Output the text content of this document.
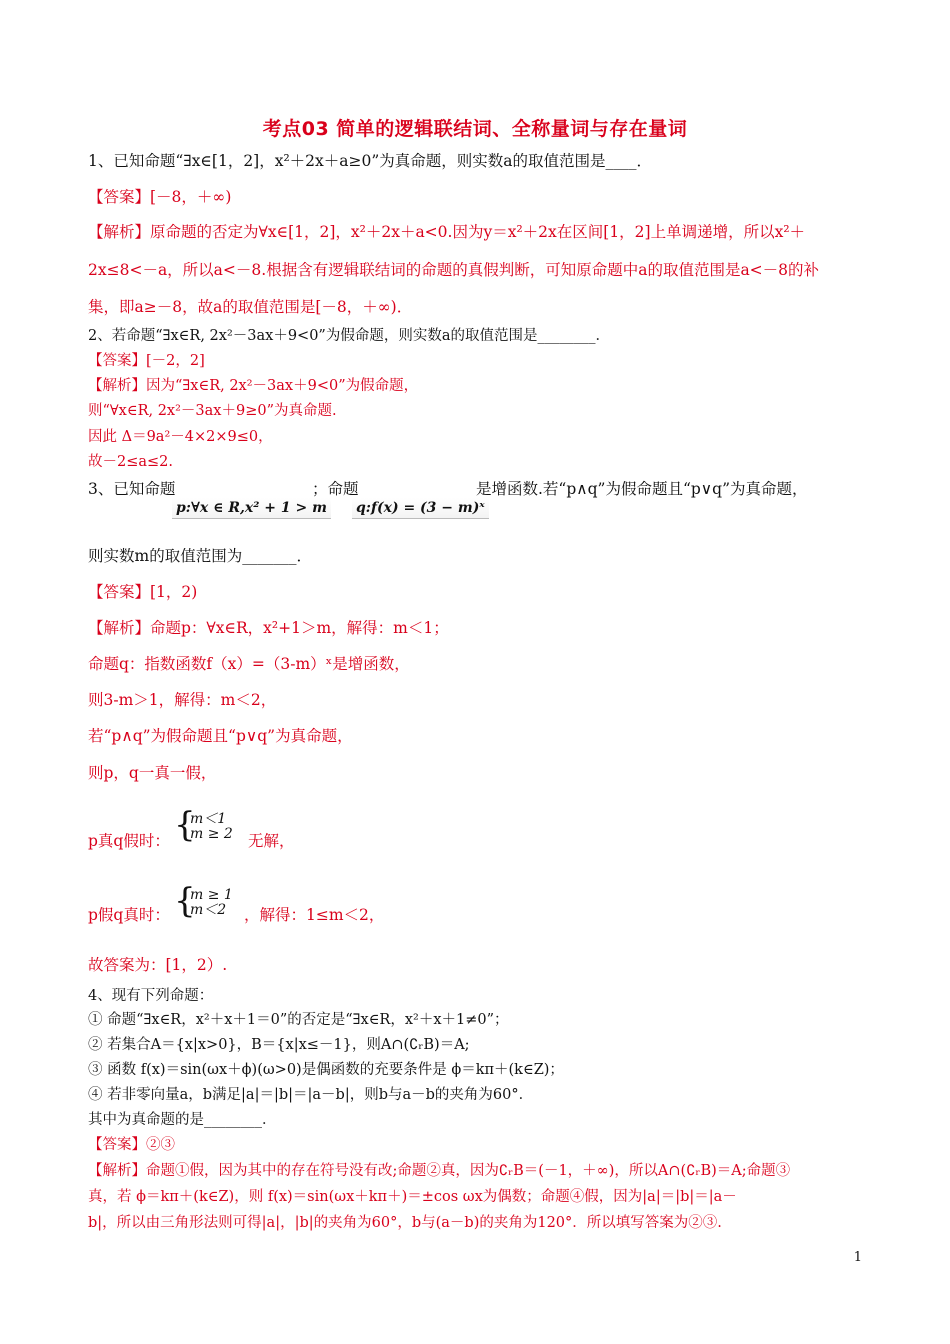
考点03 简单的逻辑联结词、全称量词与存在量词
1、已知命题“∃x∈[1，2]，x²＋2x＋a≥0”为真命题，则实数a的取值范围是____．
【答案】[－8，＋∞)
【解析】原命题的否定为∀x∈[1，2]，x²＋2x＋a<0.因为y＝x²＋2x在区间[1，2]上单调递增，所以x²＋
2x≤8<－a，所以a<－8.根据含有逻辑联结词的命题的真假判断，可知原命题中a的取值范围是a<－8的补
集，即a≥－8，故a的取值范围是[－8，＋∞)．
2、若命题“∃x∈R, 2x²－3ax＋9<0”为假命题，则实数a的取值范围是________．
【答案】[－2，2]
【解析】因为“∃x∈R, 2x²－3ax＋9<0”为假命题，
则“∀x∈R, 2x²－3ax＋9≥0”为真命题.
因此 Δ＝9a²－4×2×9≤0，
故－2≤a≤2.
3、已知命题
p:∀x ∈ R,x² + 1 > m
；命题
q:f(x) = (3 − m)ˣ
是增函数.若“p∧q”为假命题且“p∨q”为真命题，
则实数m的取值范围为_______．
【答案】[1，2)
【解析】命题p：∀x∈R，x²+1＞m，解得：m＜1；
命题q：指数函数f（x）=（3-m）ˣ是增函数，
则3-m＞1，解得：m＜2，
若“p∧q”为假命题且“p∨q”为真命题，
则p，q一真一假，
p真q假时： {
m＜1
m ≥ 2 无解，
p假q真时： {
m ≥ 1
m＜2 ，解得：1≤m＜2，
故答案为：[1，2）.
4、现有下列命题：
① 命题“∃x∈R，x²＋x＋1＝0”的否定是“∃x∈R，x²＋x＋1≠0”；
② 若集合A＝{x|x>0}，B＝{x|x≤－1}，则A∩(∁ᵣB)＝A;
③ 函数 f(x)＝sin(ωx＋ϕ)(ω>0)是偶函数的充要条件是 ϕ＝kπ＋(k∈Z)；
④ 若非零向量a，b满足|a|＝|b|＝|a－b|，则b与a－b的夹角为60°．
其中为真命题的是________．
【答案】②③
【解析】命题①假，因为其中的存在符号没有改;命题②真，因为∁ᵣB＝(－1，＋∞)，所以A∩(∁ᵣB)＝A;命题③
真，若 ϕ＝kπ＋(k∈Z)，则 f(x)＝sin(ωx＋kπ＋)＝±cos ωx为偶数；命题④假，因为|a|＝|b|＝|a－
b|，所以由三角形法则可得|a|，|b|的夹角为60°，b与(a－b)的夹角为120°．所以填写答案为②③.
1
